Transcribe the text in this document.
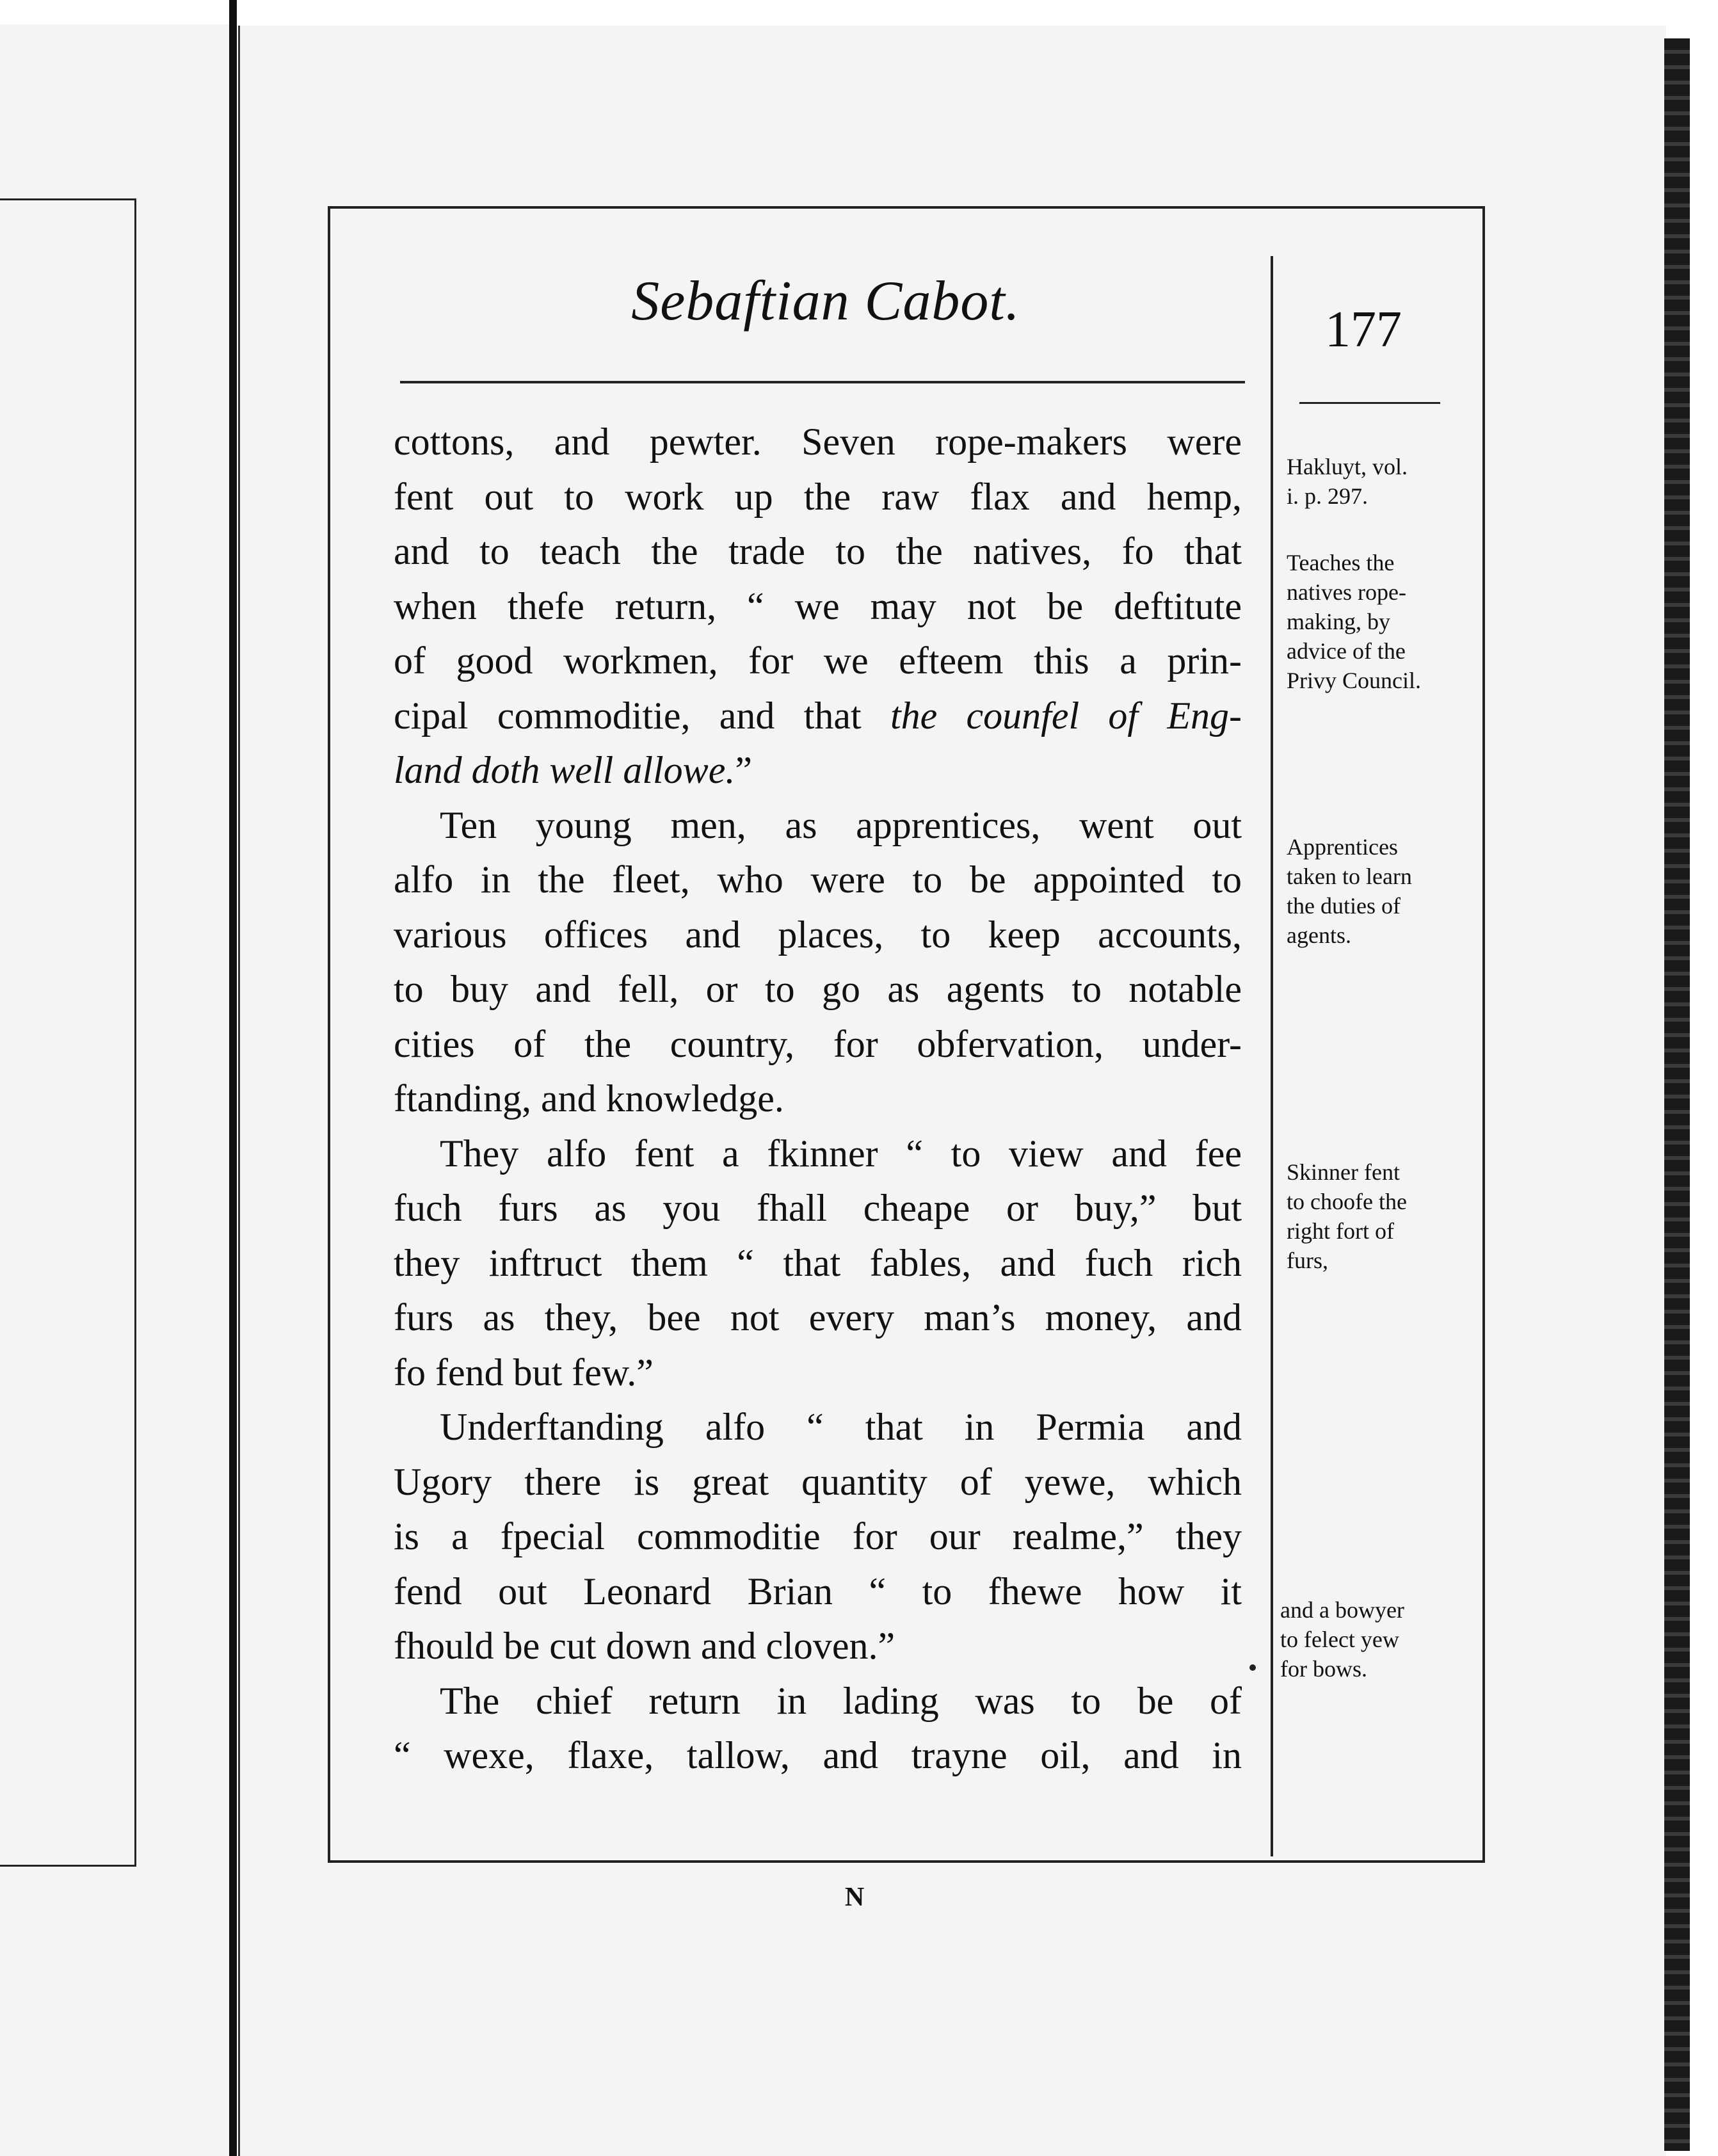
Sebaftian Cabot.	177
cottons, and pewter. Seven rope-makers were
fent out to work up the raw flax and hemp,
and to teach the trade to the natives, fo that
when thefe return, “ we may not be deftitute
of good workmen, for we efteem this a prin-
cipal commoditie, and that the counfel of Eng-
land doth well allowe.”
Ten young men, as apprentices, went out
alfo in the fleet, who were to be appointed to
various offices and places, to keep accounts,
to buy and fell, or to go as agents to notable
cities of the country, for obfervation, under-
ftanding, and knowledge.
They alfo fent a fkinner “ to view and fee
fuch furs as you fhall cheape or buy,” but
they inftruct them “ that fables, and fuch rich
furs as they, bee not every man’s money, and
fo fend but few.”
Underftanding alfo “ that in Permia and
Ugory there is great quantity of yewe, which
is a fpecial commoditie for our realme,” they
fend out Leonard Brian “ to fhewe how it
fhould be cut down and cloven.”
The chief return in lading was to be of
“ wexe, flaxe, tallow, and trayne oil, and in
Hakluyt, vol.
i. p. 297.
Teaches the
natives rope-
making, by
advice of the
Privy Council.
Apprentices
taken to learn
the duties of
agents.
Skinner fent
to choofe the
right fort of
furs,
and a bowyer
to felect yew
for bows.
N
